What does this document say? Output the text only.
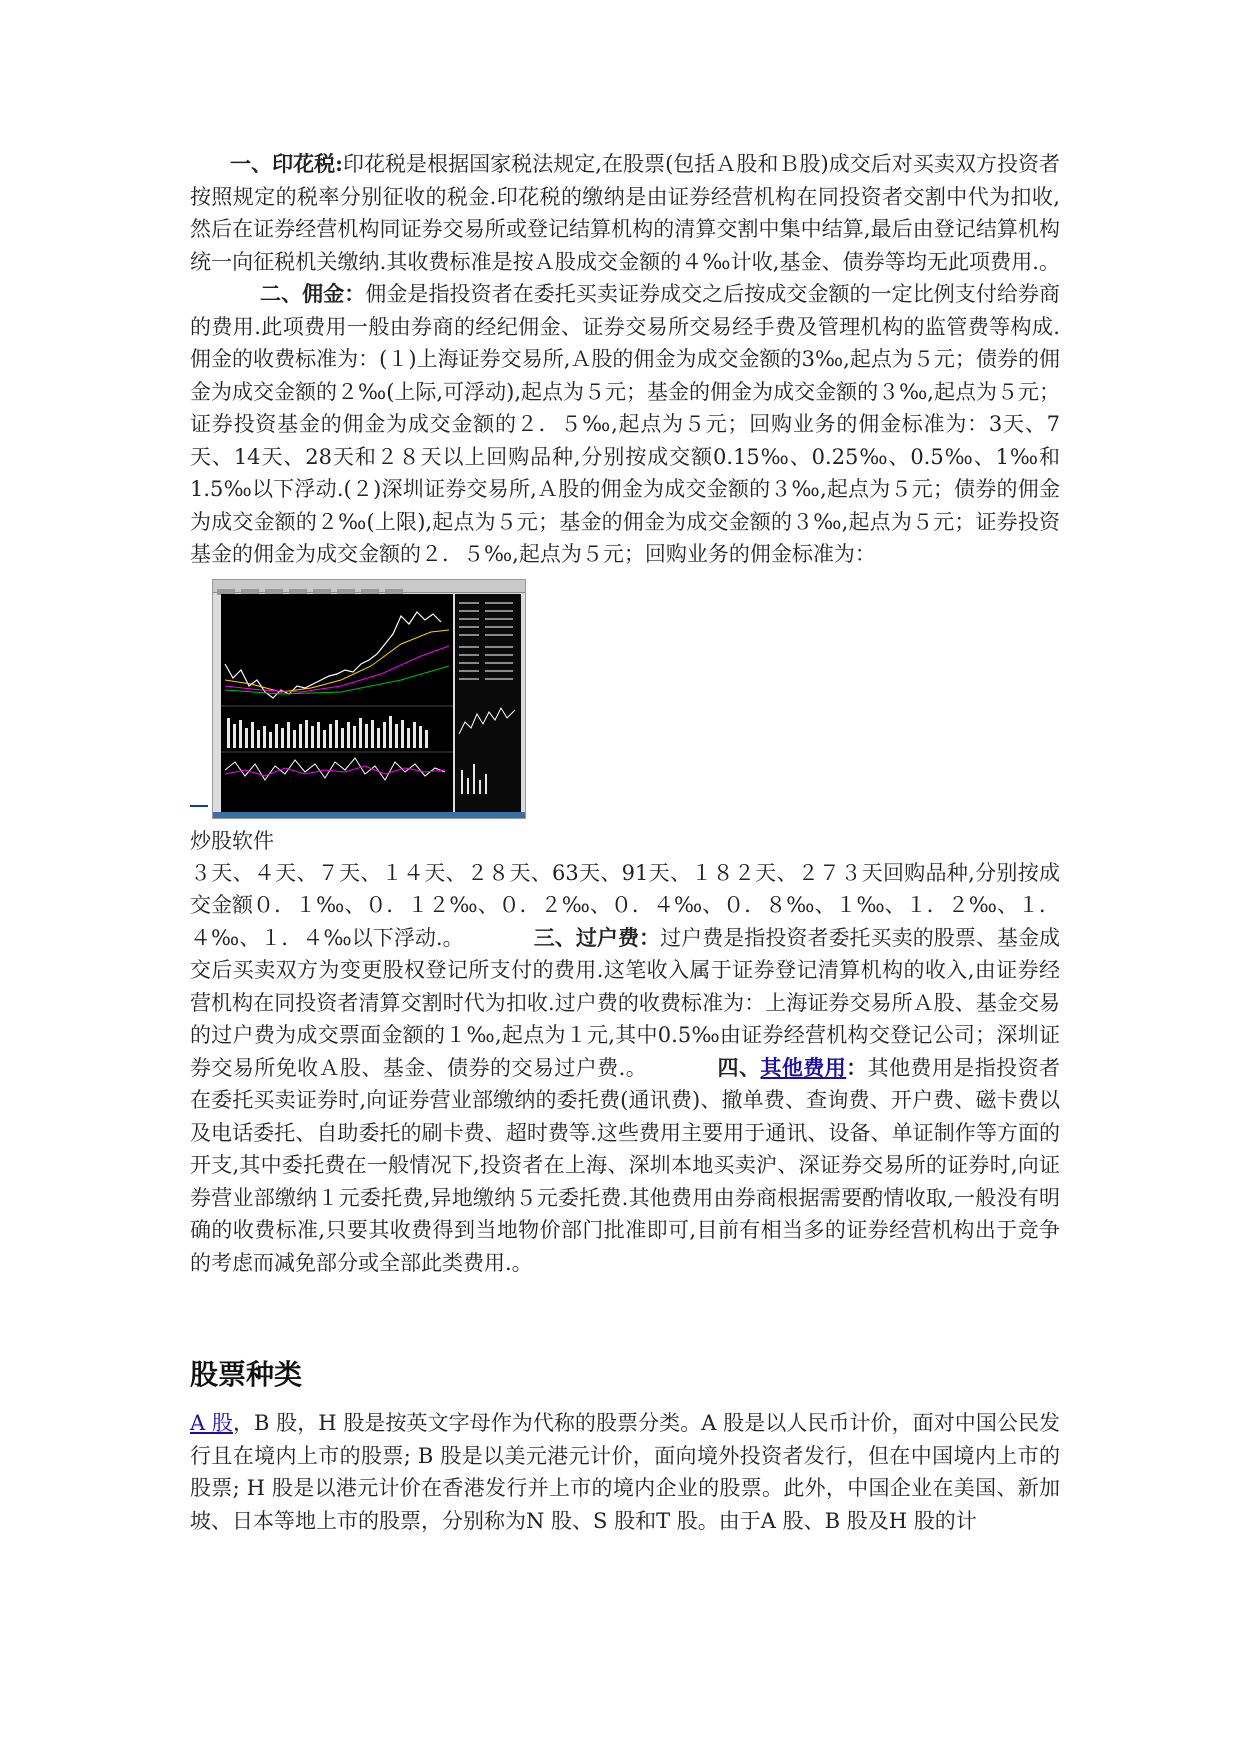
一、印花税:印花税是根据国家税法规定,在股票(包括Ａ股和Ｂ股)成交后对买卖双方投资者按照规定的税率分别征收的税金.印花税的缴纳是由证券经营机构在同投资者交割中代为扣收,然后在证券经营机构同证券交易所或登记结算机构的清算交割中集中结算,最后由登记结算机构统一向征税机关缴纳.其收费标准是按Ａ股成交金额的４‰计收,基金、债券等均无此项费用.。二、佣金：佣金是指投资者在委托买卖证券成交之后按成交金额的一定比例支付给券商的费用.此项费用一般由券商的经纪佣金、证券交易所交易经手费及管理机构的监管费等构成.佣金的收费标准为：(１)上海证券交易所,Ａ股的佣金为成交金额的3‰,起点为５元；债券的佣金为成交金额的２‰(上际,可浮动),起点为５元；基金的佣金为成交金额的３‰,起点为５元；证券投资基金的佣金为成交金额的２．５‰,起点为５元；回购业务的佣金标准为：3天、7天、14天、28天和２８天以上回购品种,分别按成交额0.15‰、0.25‰、0.5‰、1‰和1.5‰以下浮动.(２)深圳证券交易所,Ａ股的佣金为成交金额的３‰,起点为５元；债券的佣金为成交金额的２‰(上限),起点为５元；基金的佣金为成交金额的３‰,起点为５元；证券投资基金的佣金为成交金额的２．５‰,起点为５元；回购业务的佣金标准为：

炒股软件

３天、４天、７天、１４天、２８天、63天、91天、１８２天、２７３天回购品种,分别按成交金额０．１‰、０．１２‰、０．２‰、０．４‰、０．８‰、１‰、１．２‰、１．４‰、１．４‰以下浮动.。	三、过户费：过户费是指投资者委托买卖的股票、基金成交后买卖双方为变更股权登记所支付的费用.这笔收入属于证券登记清算机构的收入,由证券经营机构在同投资者清算交割时代为扣收.过户费的收费标准为：上海证券交易所Ａ股、基金交易的过户费为成交票面金额的１‰,起点为１元,其中0.5‰由证券经营机构交登记公司；深圳证券交易所免收Ａ股、基金、债券的交易过户费.。	四、其他费用：其他费用是指投资者在委托买卖证券时,向证券营业部缴纳的委托费(通讯费)、撤单费、查询费、开户费、磁卡费以及电话委托、自助委托的刷卡费、超时费等.这些费用主要用于通讯、设备、单证制作等方面的开支,其中委托费在一般情况下,投资者在上海、深圳本地买卖沪、深证券交易所的证券时,向证券营业部缴纳１元委托费,异地缴纳５元委托费.其他费用由券商根据需要酌情收取,一般没有明确的收费标准,只要其收费得到当地物价部门批准即可,目前有相当多的证券经营机构出于竞争的考虑而减免部分或全部此类费用.。

股票种类

A 股，B 股，H 股是按英文字母作为代称的股票分类。A 股是以人民币计价，面对中国公民发行且在境内上市的股票; B 股是以美元港元计价，面向境外投资者发行，但在中国境内上市的股票; H 股是以港元计价在香港发行并上市的境内企业的股票。此外，中国企业在美国、新加坡、日本等地上市的股票，分别称为N 股、S 股和T 股。由于A 股、B 股及H 股的计
